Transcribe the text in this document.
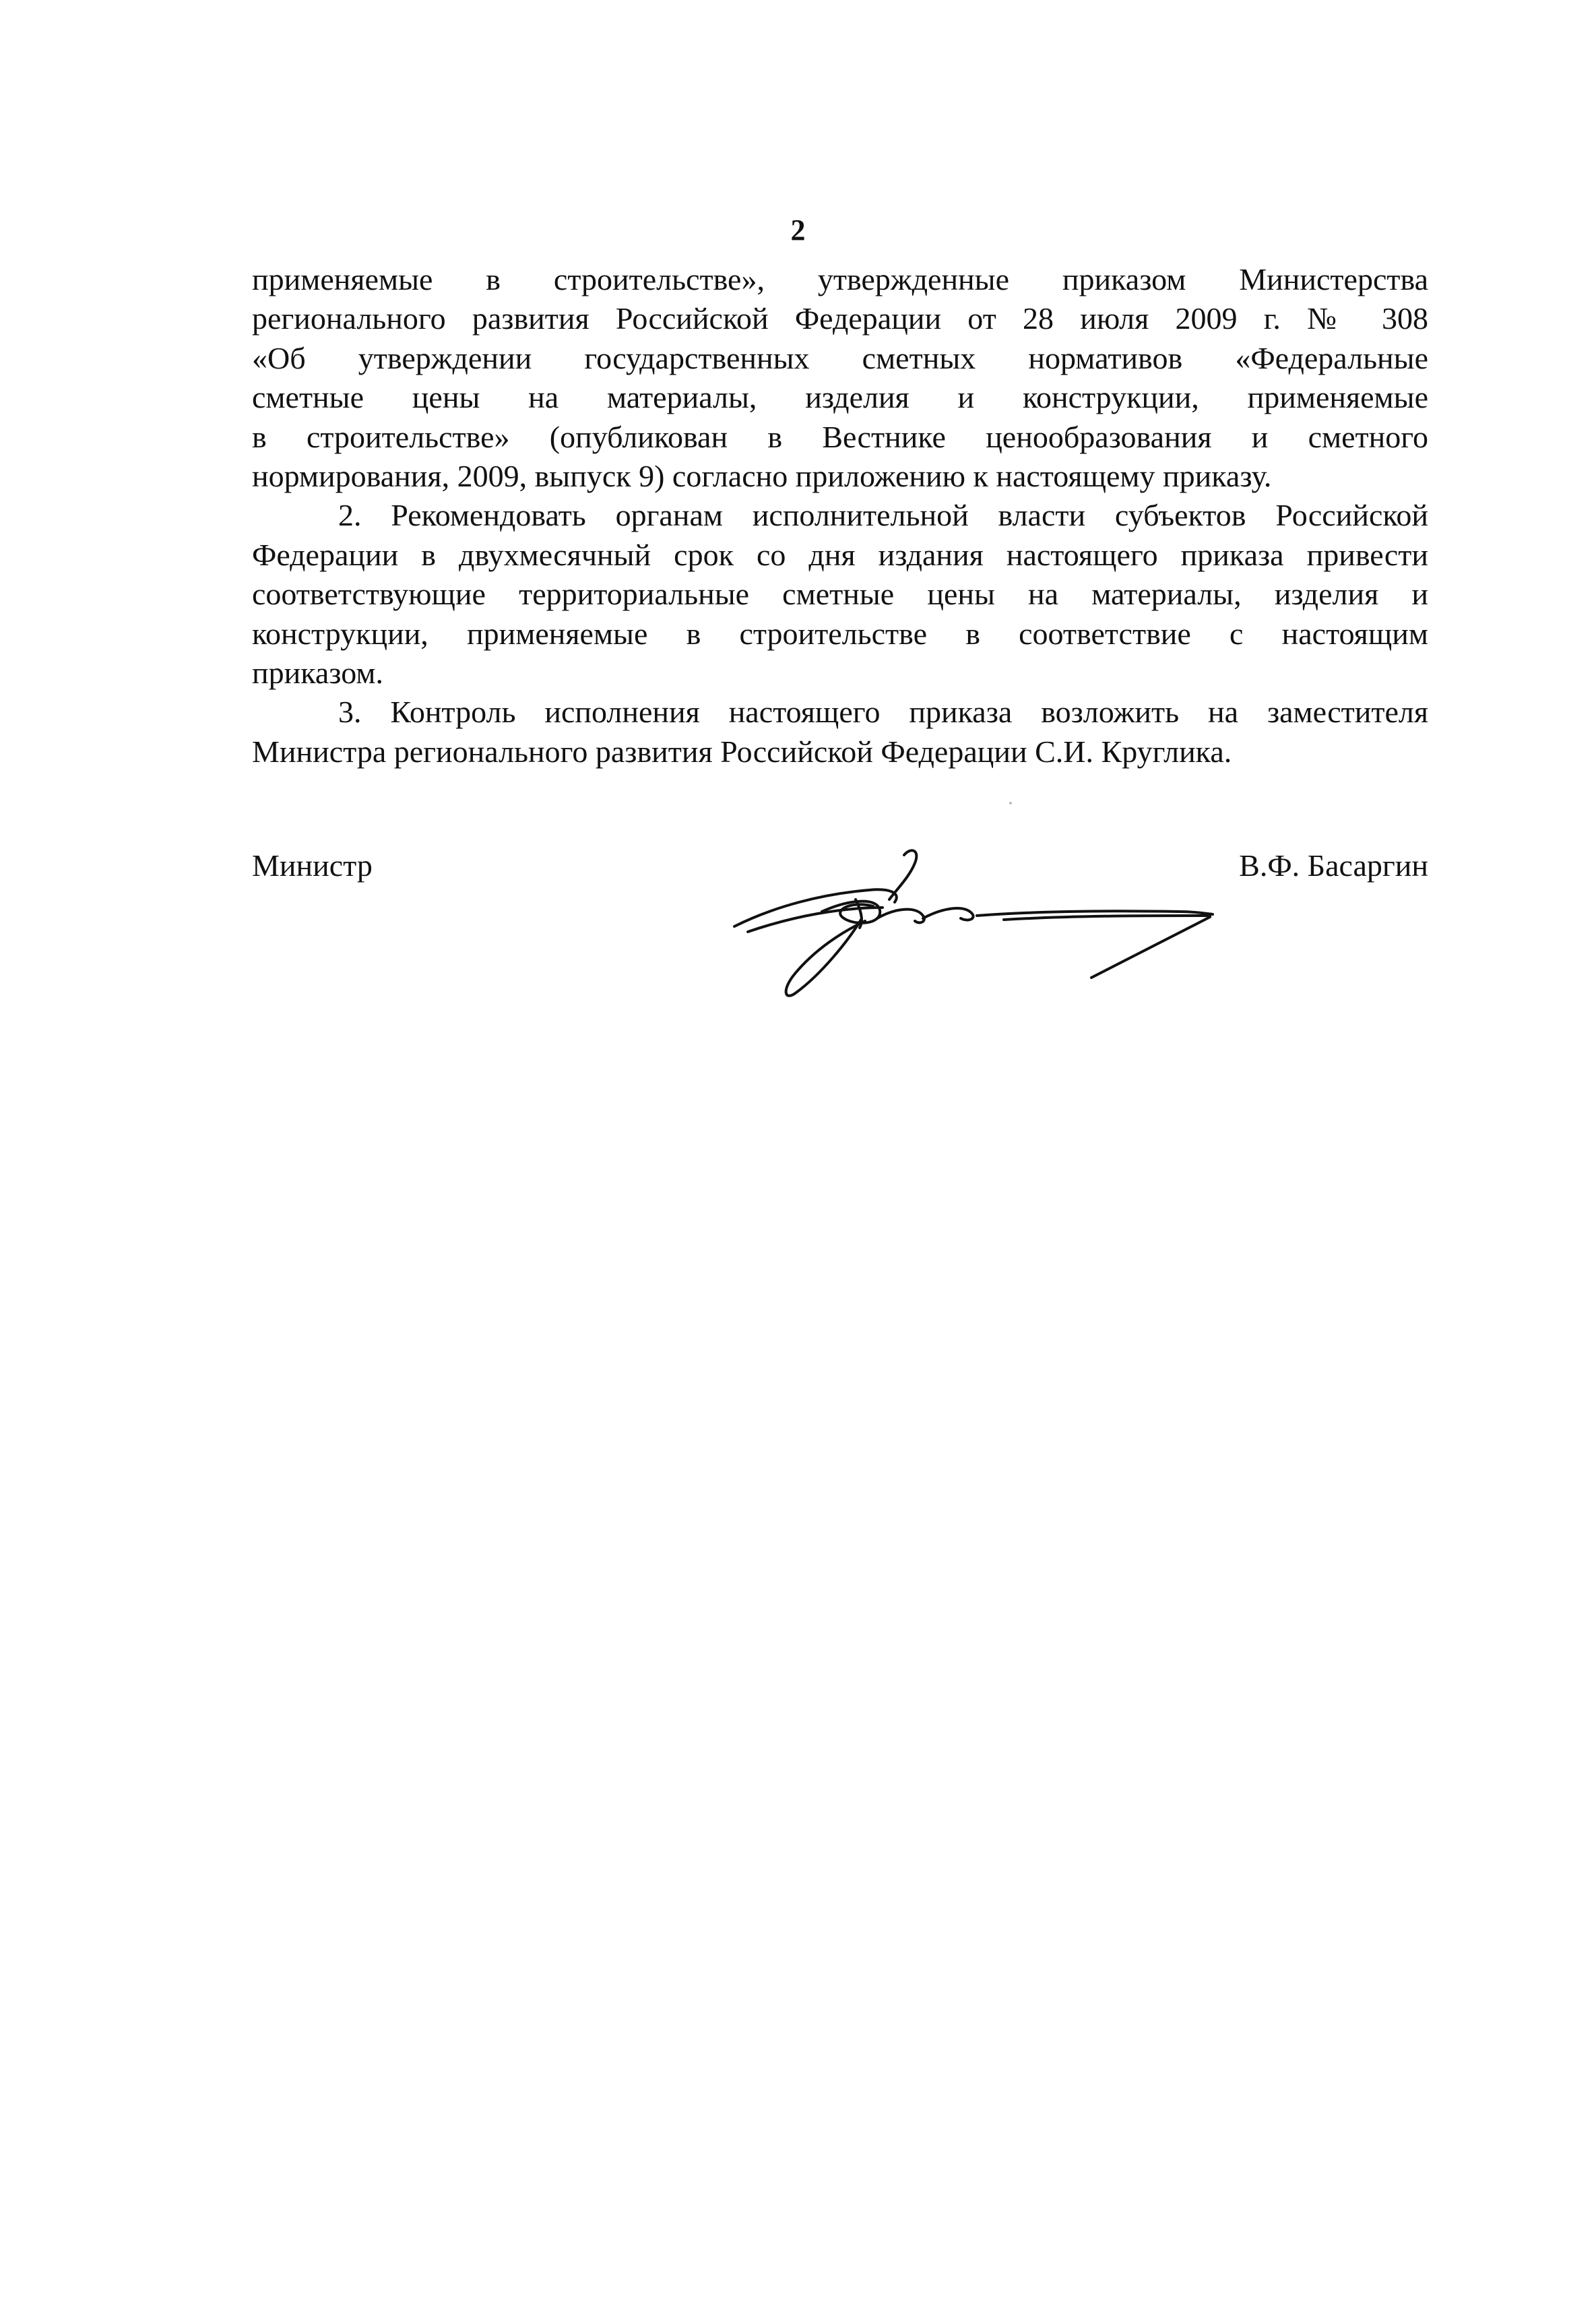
2

применяемые в строительстве», утвержденные приказом Министерства
регионального развития Российской Федерации от 28 июля 2009 г. № 308
«Об утверждении государственных сметных нормативов «Федеральные
сметные цены на материалы, изделия и конструкции, применяемые
в строительстве» (опубликован в Вестнике ценообразования и сметного
нормирования, 2009, выпуск 9) согласно приложению к настоящему приказу.

2. Рекомендовать органам исполнительной власти субъектов Российской
Федерации в двухмесячный срок со дня издания настоящего приказа привести
соответствующие территориальные сметные цены на материалы, изделия и
конструкции, применяемые в строительстве в соответствие с настоящим
приказом.

3. Контроль исполнения настоящего приказа возложить на заместителя
Министра регионального развития Российской Федерации С.И. Круглика.

Министр	В.Ф. Басаргин
